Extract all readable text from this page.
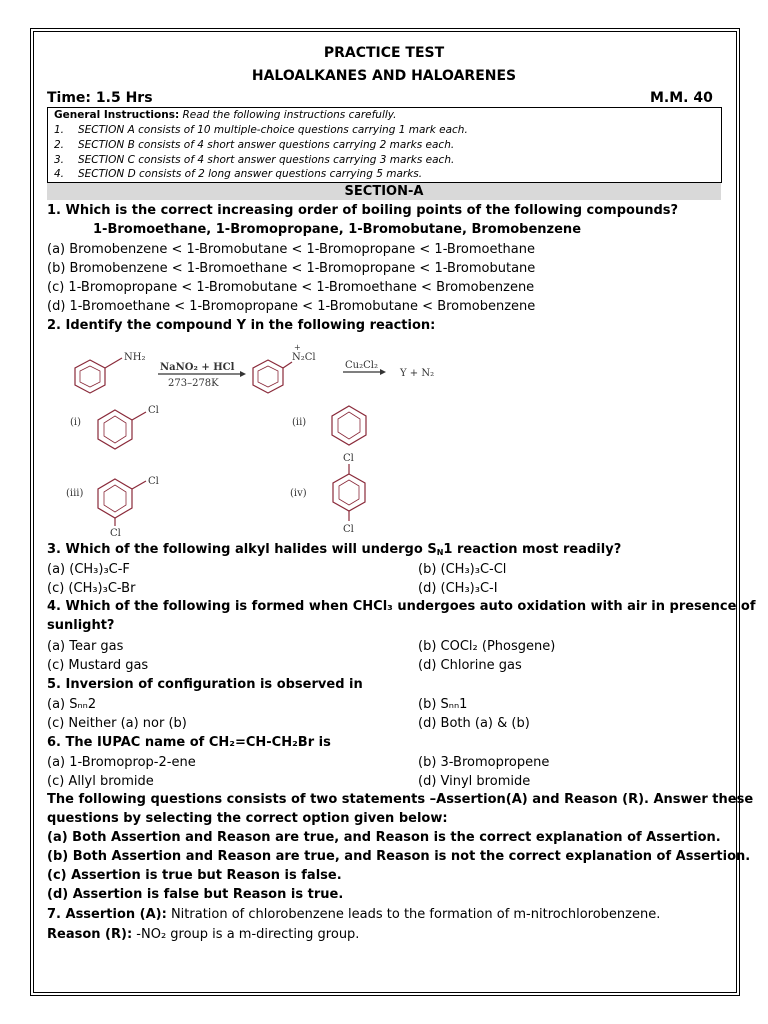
PRACTICE TEST
HALOALKANES AND HALOARENES
Time: 1.5 Hrs	M.M. 40
General Instructions: Read the following instructions carefully.
1. SECTION A consists of 10 multiple-choice questions carrying 1 mark each.
2. SECTION B consists of 4 short answer questions carrying 2 marks each.
3. SECTION C consists of 4 short answer questions carrying 3 marks each.
4. SECTION D consists of 2 long answer questions carrying 5 marks.
SECTION-A
1. Which is the correct increasing order of boiling points of the following compounds?
1-Bromoethane, 1-Bromopropane, 1-Bromobutane, Bromobenzene
(a) Bromobenzene < 1-Bromobutane < 1-Bromopropane < 1-Bromoethane
(b) Bromobenzene < 1-Bromoethane < 1-Bromopropane < 1-Bromobutane
(c) 1-Bromopropane < 1-Bromobutane < 1-Bromoethane < Bromobenzene
(d) 1-Bromoethane < 1-Bromopropane < 1-Bromobutane < Bromobenzene
2. Identify the compound Y in the following reaction:
NH₂
NaNO₂ + HCl
273–278K
N₂Cl
+
Cu₂Cl₂
Y + N₂
(i)
Cl
(ii)
(iii)
Cl
Cl
(iv)
Cl
Cl
3. Which of the following alkyl halides will undergo $S_N1$ reaction most readily?
(a) (CH₃)₃C-F	(b) (CH₃)₃C-Cl
(c) (CH₃)₃C-Br	(d) (CH₃)₃C-I
4. Which of the following is formed when CHCl₃ undergoes auto oxidation with air in presence of
sunlight?
(a) Tear gas	(b) COCl₂ (Phosgene)
(c) Mustard gas	(d) Chlorine gas
5. Inversion of configuration is observed in
(a) Sₙₙ2	(b) Sₙₙ1
(c) Neither (a) nor (b)	(d) Both (a) & (b)
6. The IUPAC name of CH₂=CH-CH₂Br is
(a) 1-Bromoprop-2-ene	(b) 3-Bromopropene
(c) Allyl bromide	(d) Vinyl bromide
The following questions consists of two statements –Assertion(A) and Reason (R). Answer these
questions by selecting the correct option given below:
(a) Both Assertion and Reason are true, and Reason is the correct explanation of Assertion.
(b) Both Assertion and Reason are true, and Reason is not the correct explanation of Assertion.
(c) Assertion is true but Reason is false.
(d) Assertion is false but Reason is true.
7. Assertion (A): Nitration of chlorobenzene leads to the formation of m-nitrochlorobenzene.
Reason (R): -NO₂ group is a m-directing group.
